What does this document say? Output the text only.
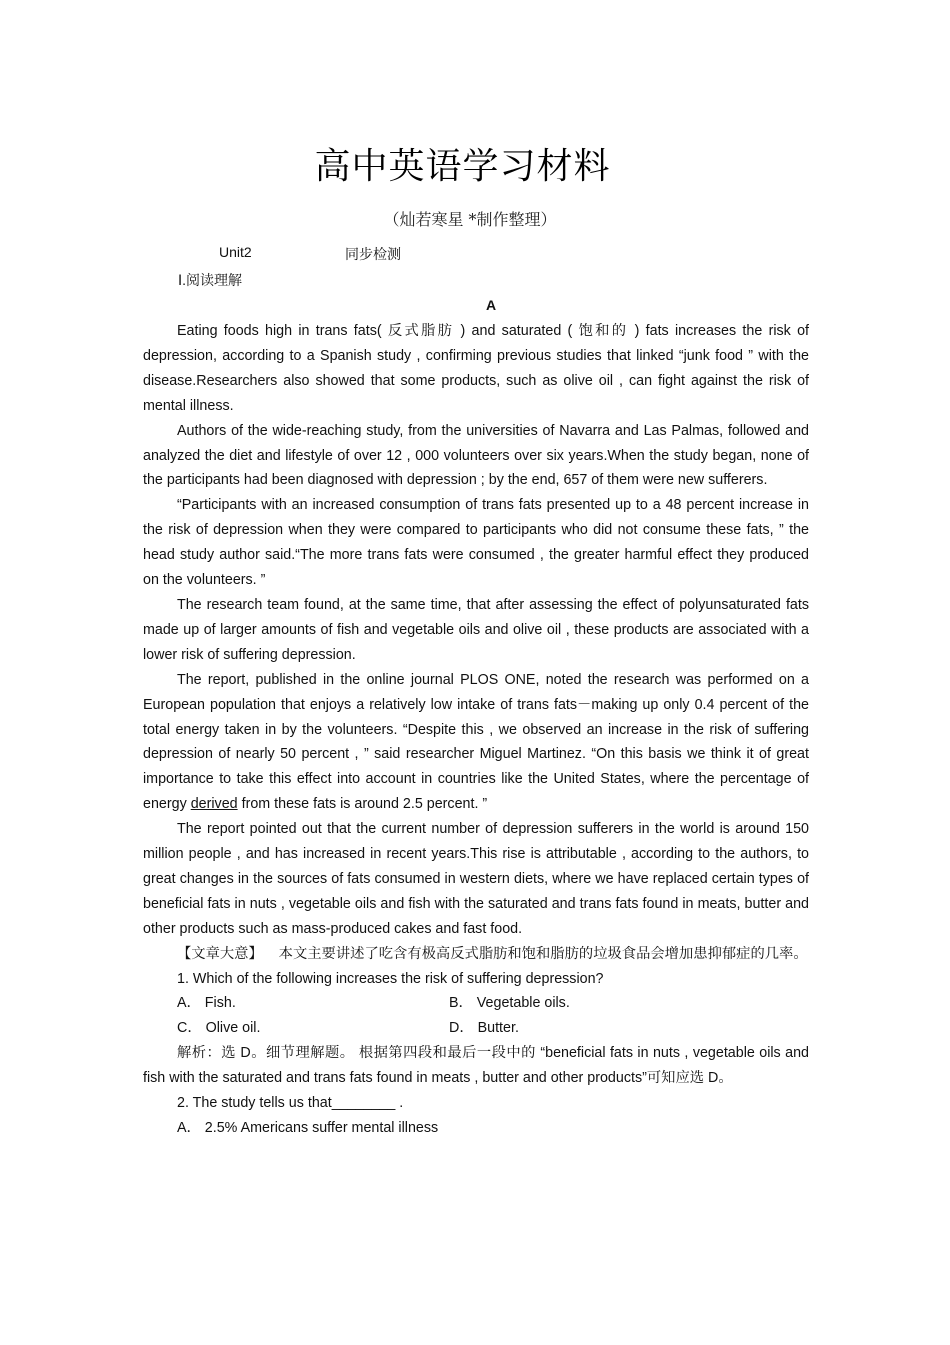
高中英语学习材料
（灿若寒星 *制作整理）
Unit2	同步检测
Ⅰ.阅读理解
A

Eating foods high in trans fats( 反式脂肪 ) and saturated ( 饱和的 ) fats increases the risk of depression, according to a Spanish study , confirming previous studies that linked “junk food ” with the disease.Researchers also showed that some products, such as olive oil , can fight against the risk of mental illness.

Authors of the wide‐reaching study, from the universities of Navarra and Las Palmas, followed and analyzed the diet and lifestyle of over 12 , 000 volunteers over six years.When the study began, none of the participants had been diagnosed with depression ; by the end, 657 of them were new sufferers.

“Participants with an increased consumption of trans fats presented up to a 48 percent increase in the risk of depression when they were compared to participants who did not consume these fats, ” the head study author said.“The more trans fats were consumed , the greater harmful effect they produced on the volunteers. ”

The research team found, at the same time, that after assessing the effect of polyunsaturated fats made up of larger amounts of fish and vegetable oils and olive oil , these products are associated with a lower risk of suffering depression.

The report, published in the online journal PLOS ONE, noted the research was performed on a European population that enjoys a relatively low intake of trans fats－making up only 0.4 percent of the total energy taken in by the volunteers. “Despite this , we observed an increase in the risk of suffering depression of nearly 50 percent , ” said researcher Miguel Martinez. “On this basis we think it of great importance to take this effect into account in countries like the United States, where the percentage of energy derived from these fats is around 2.5 percent. ”

The report pointed out that the current number of depression sufferers in the world is around 150 million people , and has increased in recent years.This rise is attributable , according to the authors, to great changes in the sources of fats consumed in western diets, where we have replaced certain types of beneficial fats in nuts , vegetable oils and fish with the saturated and trans fats found in meats, butter and other products such as mass‐produced cakes and fast food.

【文章大意】 本文主要讲述了吃含有极高反式脂肪和饱和脂肪的垃圾食品会增加患抑郁症的几率。

1. Which of the following increases the risk of suffering depression?

A． Fish.	B． Vegetable oils.
C． Olive oil.	D． Butter.

解析：选 D。细节理解题。 根据第四段和最后一段中的 “beneficial fats in nuts , vegetable oils and fish with the saturated and trans fats found in meats , butter and other products”可知应选 D。

2. The study tells us that________ .

A． 2.5% Americans suffer mental illness
